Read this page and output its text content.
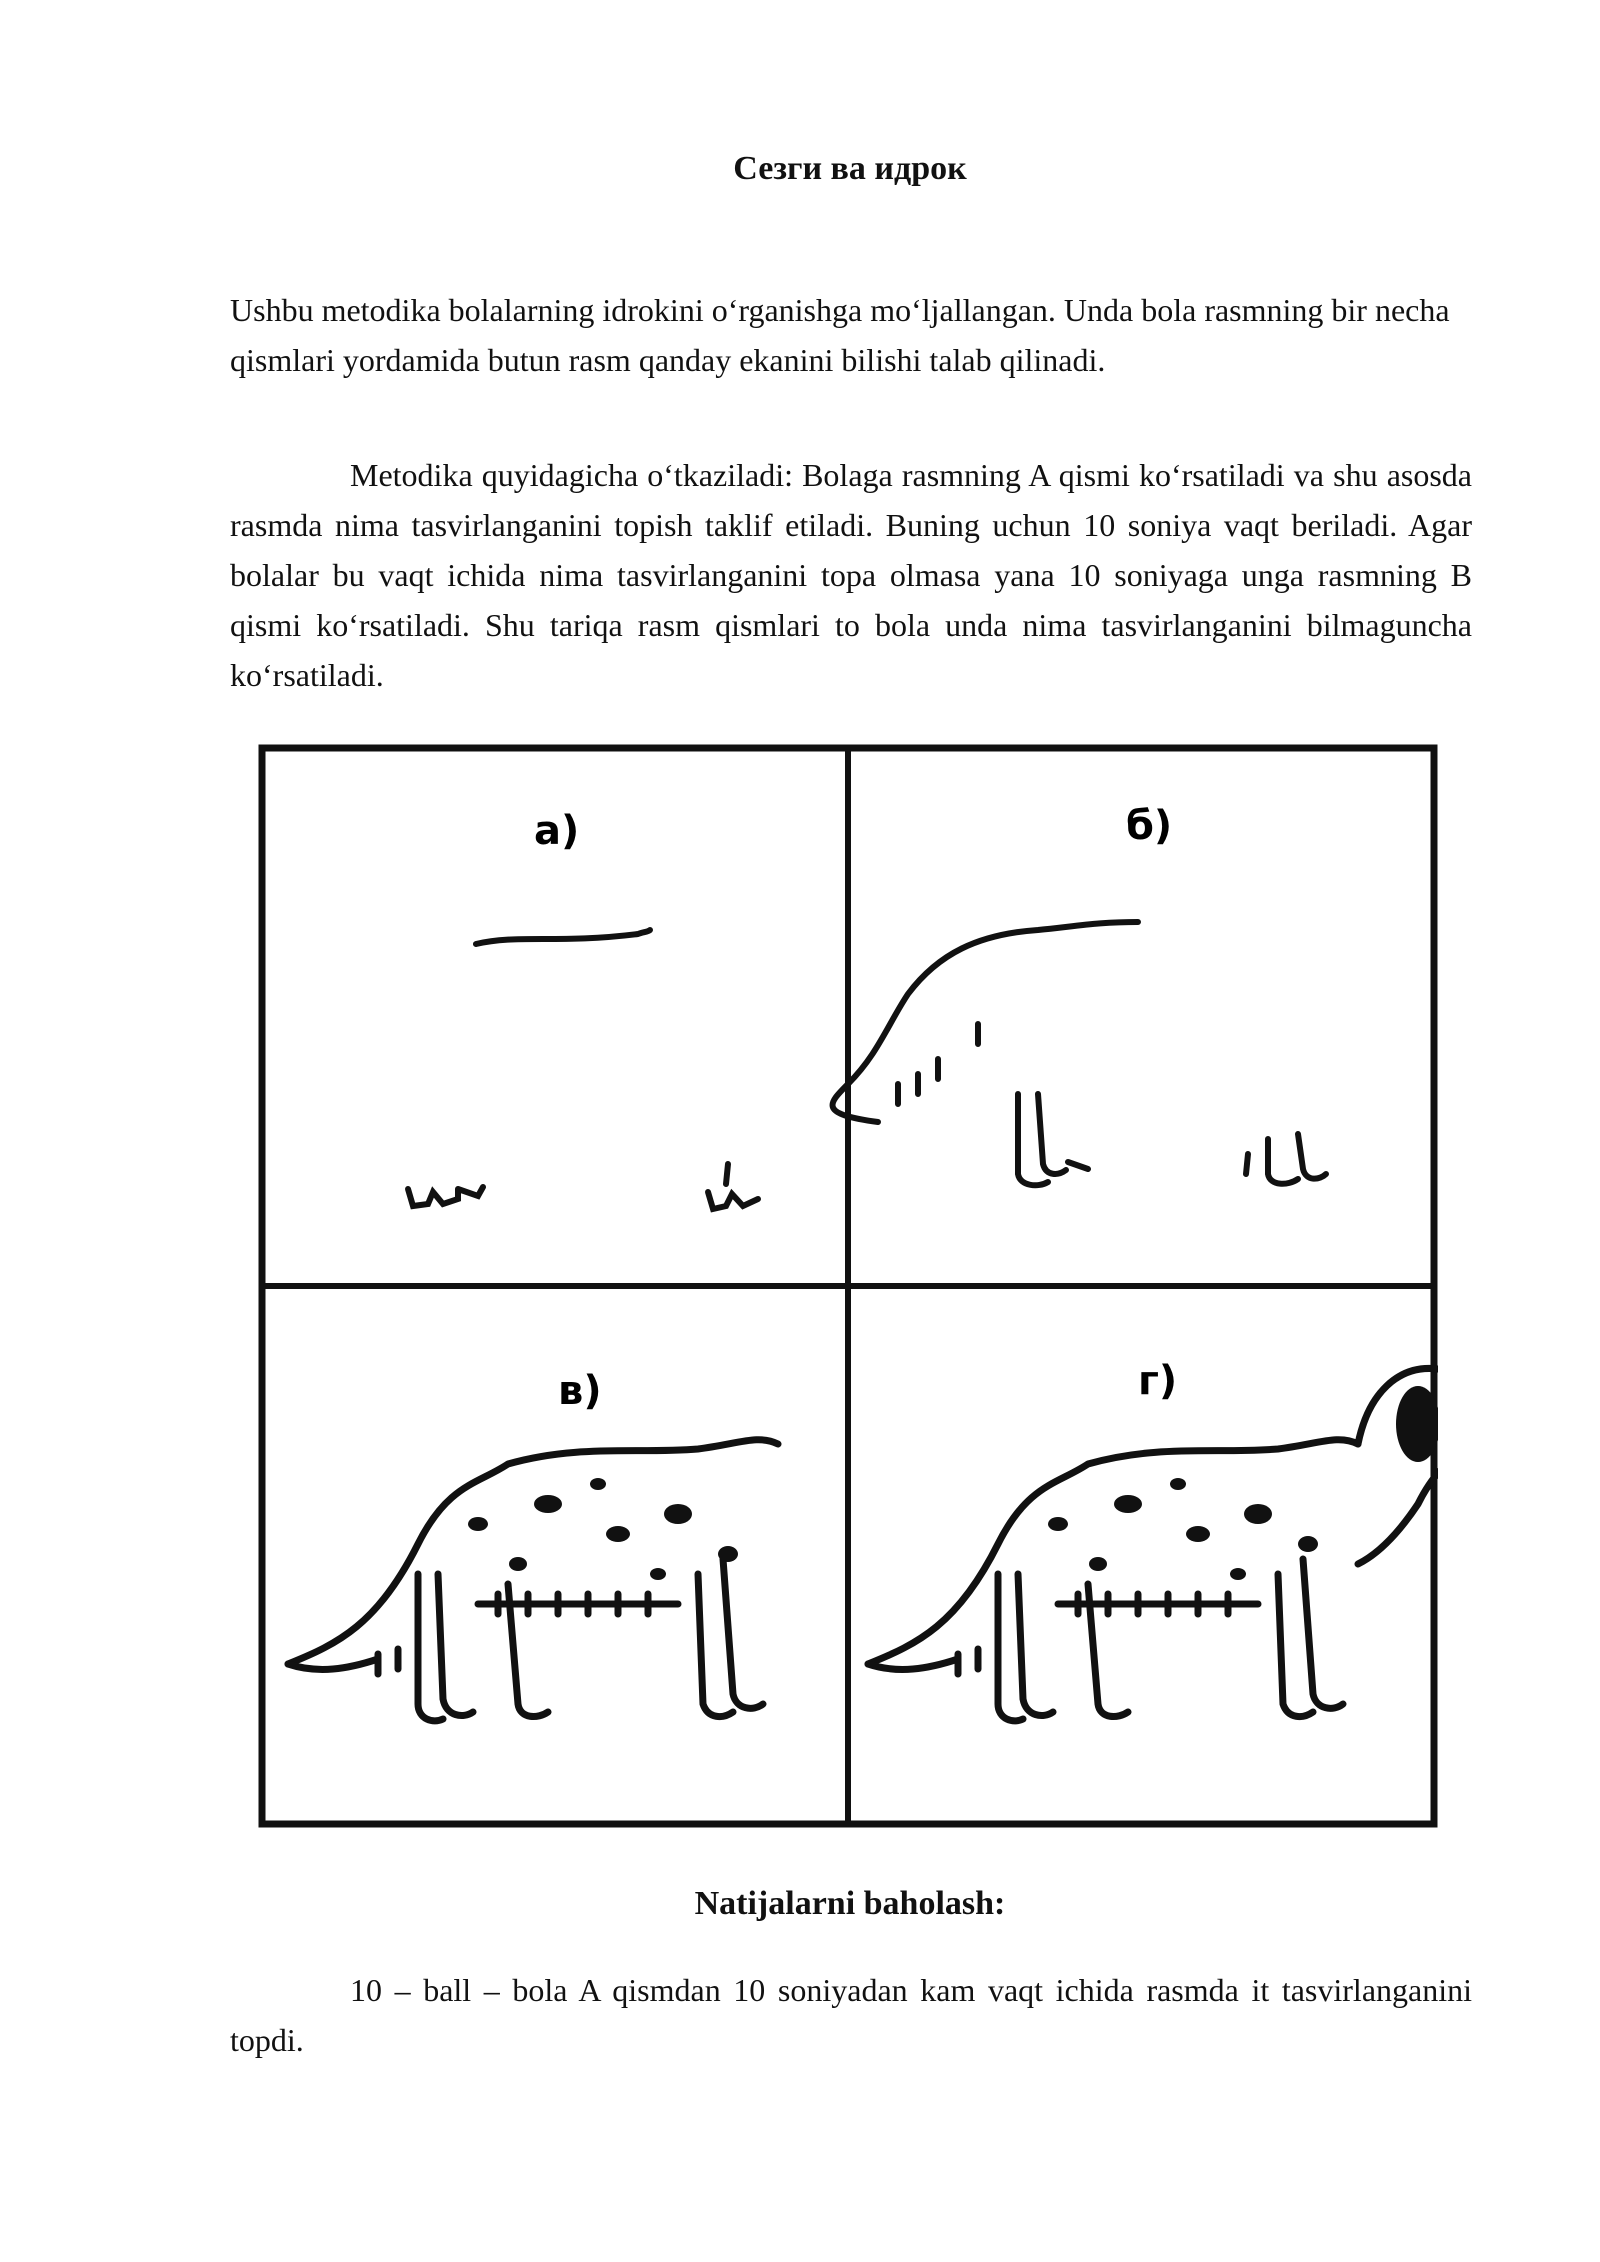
Сезги ва идрок

Ushbu metodika bolalarning idrokini o‘rganishga mo‘ljallangan. Unda bola rasmning bir necha qismlari yordamida butun rasm qanday ekanini bilishi talab qilinadi.

Metodika quyidagicha o‘tkaziladi: Bolaga rasmning A qismi ko‘rsatiladi va shu asosda rasmda nima tasvirlanganini topish taklif etiladi. Buning uchun 10 soniya vaqt beriladi. Agar bolalar bu vaqt ichida nima tasvirlanganini topa olmasa yana 10 soniyaga unga rasmning B qismi ko‘rsatiladi. Shu tariqa rasm qismlari to bola unda nima tasvirlanganini bilmaguncha ko‘rsatiladi.

а)	б)
в)	г)
Natijalarni baholash:

10 – ball – bola A qismdan 10 soniyadan kam vaqt ichida rasmda it tasvirlanganini topdi.
